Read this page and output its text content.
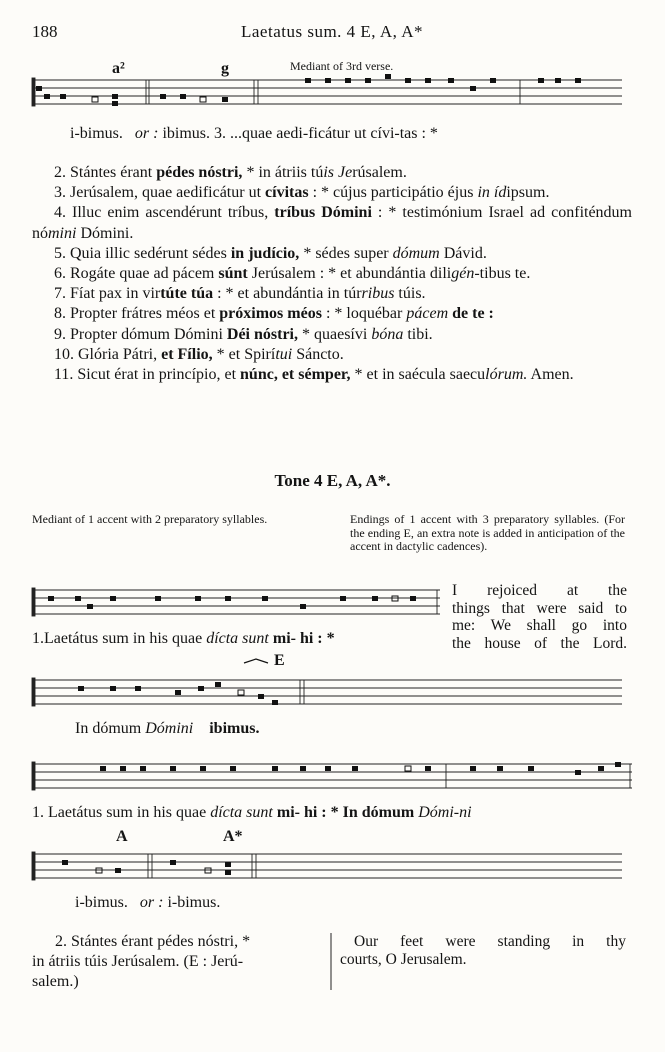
188	Laetatus sum. 4 E, A, A*
a²	g	Mediant of 3rd verse.
i-bimus. or : ibimus. 3. ...quae aedi-ficátur ut cívi-tas : *

2. Stántes érant pédes nóstri, * in átriis túis Jerúsalem.

3. Jerúsalem, quae aedificátur ut cívitas : * cújus participátio éjus in ídipsum.

4. Illuc enim ascendérunt tríbus, tríbus Dómini : * testimónium Israel ad confiténdum nómini Dómini.

5. Quia illic sedérunt sédes in judício, * sédes super dómum Dávid.

6. Rogáte quae ad pácem súnt Jerúsalem : * et abundántia diligén-tibus te.

7. Fíat pax in virtúte túa : * et abundántia in túrribus túis.

8. Propter frátres méos et próximos méos : * loquébar pácem de te :

9. Propter dómum Dómini Déi nóstri, * quaesívi bóna tibi.

10. Glória Pátri, et Fílio, * et Spirítui Sáncto.

11. Sicut érat in princípio, et núnc, et sémper, * et in saécula saeculórum. Amen.

Tone 4 E, A, A*.
Mediant of 1 accent with 2 preparatory syllables.	Endings of 1 accent with 3 preparatory syllables. (For the ending E, an extra note is added in anticipation of the accent in dactylic cadences).
I rejoiced at the
things that were said to
me: We shall go into
the house of the Lord.
1.Laetátus sum in his quae dícta sunt mi- hi : *
E
In dómum Dómini ibimus.
1. Laetátus sum in his quae dícta sunt mi- hi : * In dómum Dómi-ni
A	A*
i-bimus. or : i-bimus.
2. Stántes érant pédes nóstri, *
in átriis túis Jerúsalem. (E : Jerú-
salem.)
Our feet were standing in thy
courts, O Jerusalem.
